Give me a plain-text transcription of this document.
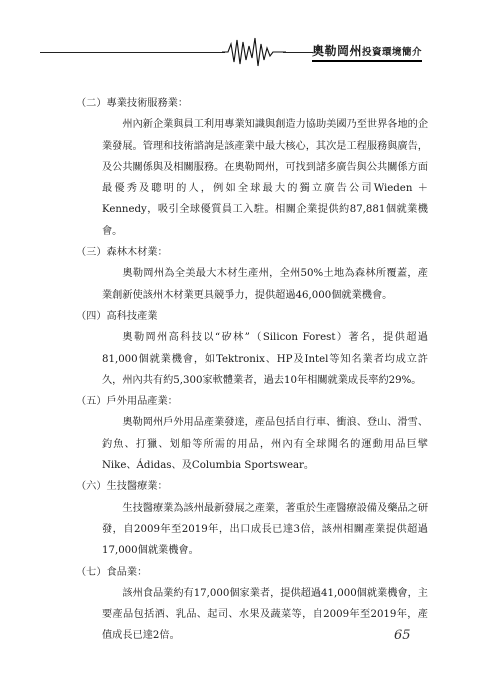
奧勒岡州投資環境簡介
（二）專業技術服務業：
州內新企業與員工利用專業知識與創造力協助美國乃至世界各地的企業發展。管理和技術諮詢是該產業中最大核心，其次是工程服務與廣告，及公共關係與及相關服務。在奧勒岡州，可找到諸多廣告與公共關係方面最優秀及聰明的人，例如全球最大的獨立廣告公司Wieden ＋ Kennedy，吸引全球優質員工入駐。相關企業提供約87,881個就業機會。
（三）森林木材業：
奧勒岡州為全美最大木材生產州，全州50%土地為森林所覆蓋，產業創新使該州木材業更具競爭力，提供超過46,000個就業機會。
（四）高科技產業
奧勒岡州高科技以“矽林”（Silicon Forest）著名，提供超過81,000個就業機會，如Tektronix、HP及Intel等知名業者均成立許久，州內共有約5,300家軟體業者，過去10年相關就業成長率約29%。
（五）戶外用品產業：
奧勒岡州戶外用品產業發達，產品包括自行車、衝浪、登山、滑雪、釣魚、打獵、划船等所需的用品，州內有全球聞名的運動用品巨擘Nike、Ádidas、及Columbia Sportswear。
（六）生技醫療業：
生技醫療業為該州最新發展之產業，著重於生產醫療設備及藥品之研發，自2009年至2019年，出口成長已達3倍，該州相關產業提供超過17,000個就業機會。
（七）食品業：
該州食品業約有17,000個家業者，提供超過41,000個就業機會，主要產品包括酒、乳品、起司、水果及蔬菜等，自2009年至2019年，產值成長已達2倍。	65
